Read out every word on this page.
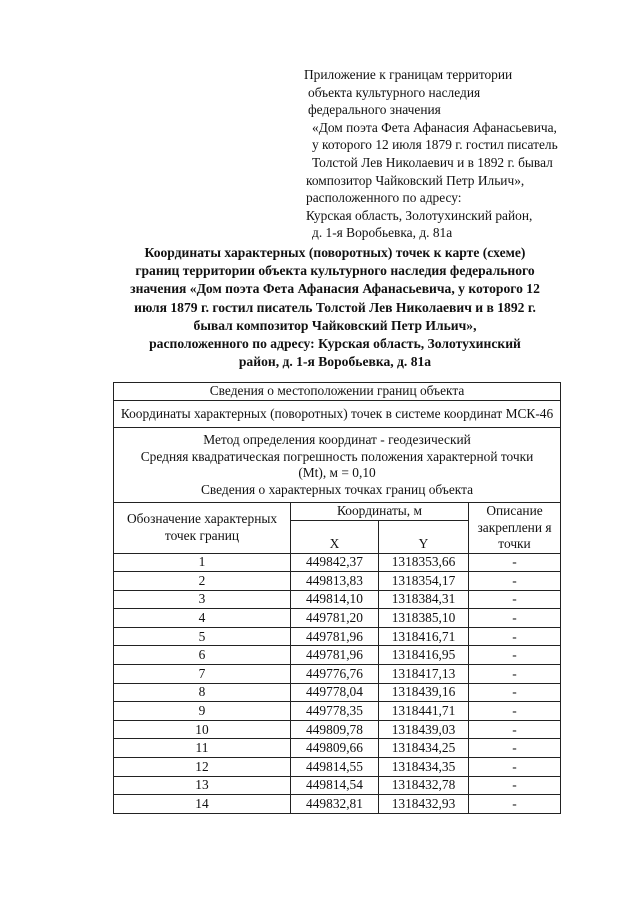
Приложение к границам территории
объекта культурного наследия
федерального значения
«Дом поэта Фета Афанасия Афанасьевича,
у которого 12 июля 1879 г. гостил писатель
Толстой Лев Николаевич и в 1892 г. бывал
композитор Чайковский Петр Ильич»,
расположенного по адресу:
Курская область, Золотухинский район,
д. 1-я Воробьевка, д. 81а
Координаты характерных (поворотных) точек к карте (схеме)
границ территории объекта культурного наследия федерального
значения «Дом поэта Фета Афанасия Афанасьевича, у которого 12
июля 1879 г. гостил писатель Толстой Лев Николаевич и в 1892 г.
бывал композитор Чайковский Петр Ильич»,
расположенного по адресу: Курская область, Золотухинский
район, д. 1-я Воробьевка, д. 81а
Сведения о местоположении границ объекта			
Координаты характерных (поворотных) точек в системе координат МСК-46			

Метод определения координат - геодезический
Средняя квадратическая погрешность положения характерной точки (Mt), м = 0,10
Сведения о характерных точках границ объекта			

Обозначение характерных точек границ	Координаты, м		Описание закреплени я точки
	X	Y	
1	449842,37	1318353,66	-
2	449813,83	1318354,17	-
3	449814,10	1318384,31	-
4	449781,20	1318385,10	-
5	449781,96	1318416,71	-
6	449781,96	1318416,95	-
7	449776,76	1318417,13	-
8	449778,04	1318439,16	-
9	449778,35	1318441,71	-
10	449809,78	1318439,03	-
11	449809,66	1318434,25	-
12	449814,55	1318434,35	-
13	449814,54	1318432,78	-
14	449832,81	1318432,93	-
